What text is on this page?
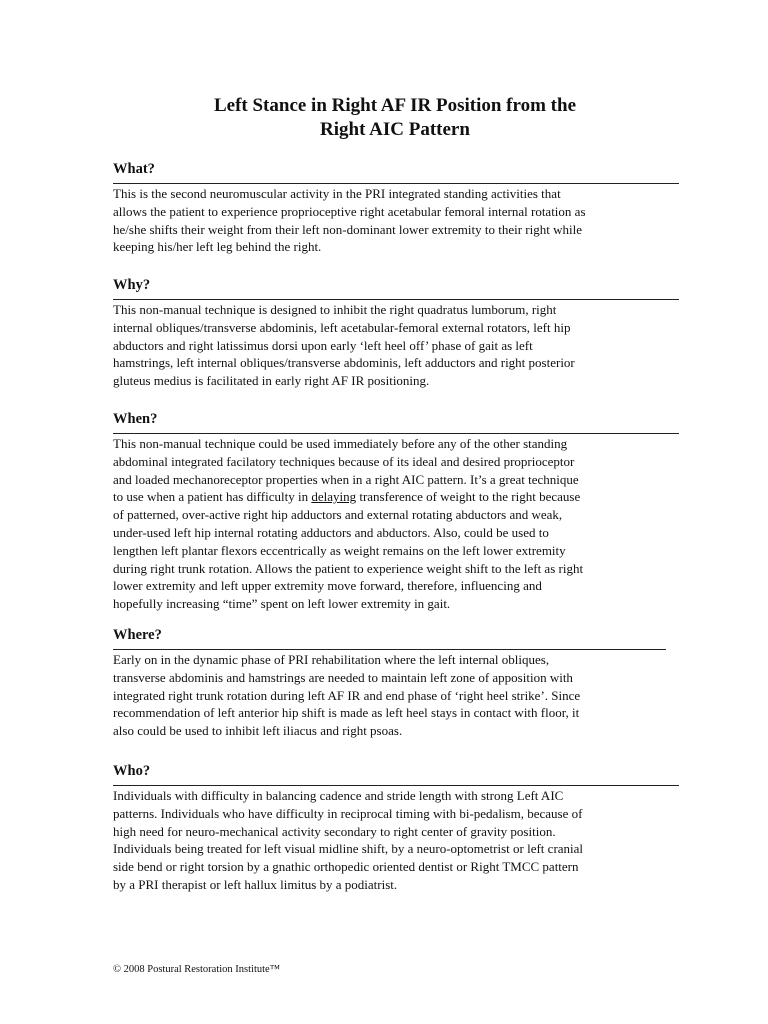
Left Stance in Right AF IR Position from the
Right AIC Pattern
What?
This is the second neuromuscular activity in the PRI integrated standing activities that
allows the patient to experience proprioceptive right acetabular femoral internal rotation as
he/she shifts their weight from their left non-dominant lower extremity to their right while
keeping his/her left leg behind the right.
Why?
This non-manual technique is designed to inhibit the right quadratus lumborum, right
internal obliques/transverse abdominis, left acetabular-femoral external rotators, left hip
abductors and right latissimus dorsi upon early ‘left heel off’ phase of gait as left
hamstrings, left internal obliques/transverse abdominis, left adductors and right posterior
gluteus medius is facilitated in early right AF IR positioning.
When?
This non-manual technique could be used immediately before any of the other standing
abdominal integrated facilatory techniques because of its ideal and desired proprioceptor
and loaded mechanoreceptor properties when in a right AIC pattern. It’s a great technique
to use when a patient has difficulty in delaying transference of weight to the right because
of patterned, over-active right hip adductors and external rotating abductors and weak,
under-used left hip internal rotating adductors and abductors. Also, could be used to
lengthen left plantar flexors eccentrically as weight remains on the left lower extremity
during right trunk rotation. Allows the patient to experience weight shift to the left as right
lower extremity and left upper extremity move forward, therefore, influencing and
hopefully increasing “time” spent on left lower extremity in gait.
Where?
Early on in the dynamic phase of PRI rehabilitation where the left internal obliques,
transverse abdominis and hamstrings are needed to maintain left zone of apposition with
integrated right trunk rotation during left AF IR and end phase of ‘right heel strike’. Since
recommendation of left anterior hip shift is made as left heel stays in contact with floor, it
also could be used to inhibit left iliacus and right psoas.
Who?
Individuals with difficulty in balancing cadence and stride length with strong Left AIC
patterns. Individuals who have difficulty in reciprocal timing with bi-pedalism, because of
high need for neuro-mechanical activity secondary to right center of gravity position.
Individuals being treated for left visual midline shift, by a neuro-optometrist or left cranial
side bend or right torsion by a gnathic orthopedic oriented dentist or Right TMCC pattern
by a PRI therapist or left hallux limitus by a podiatrist.
© 2008 Postural Restoration Institute™
